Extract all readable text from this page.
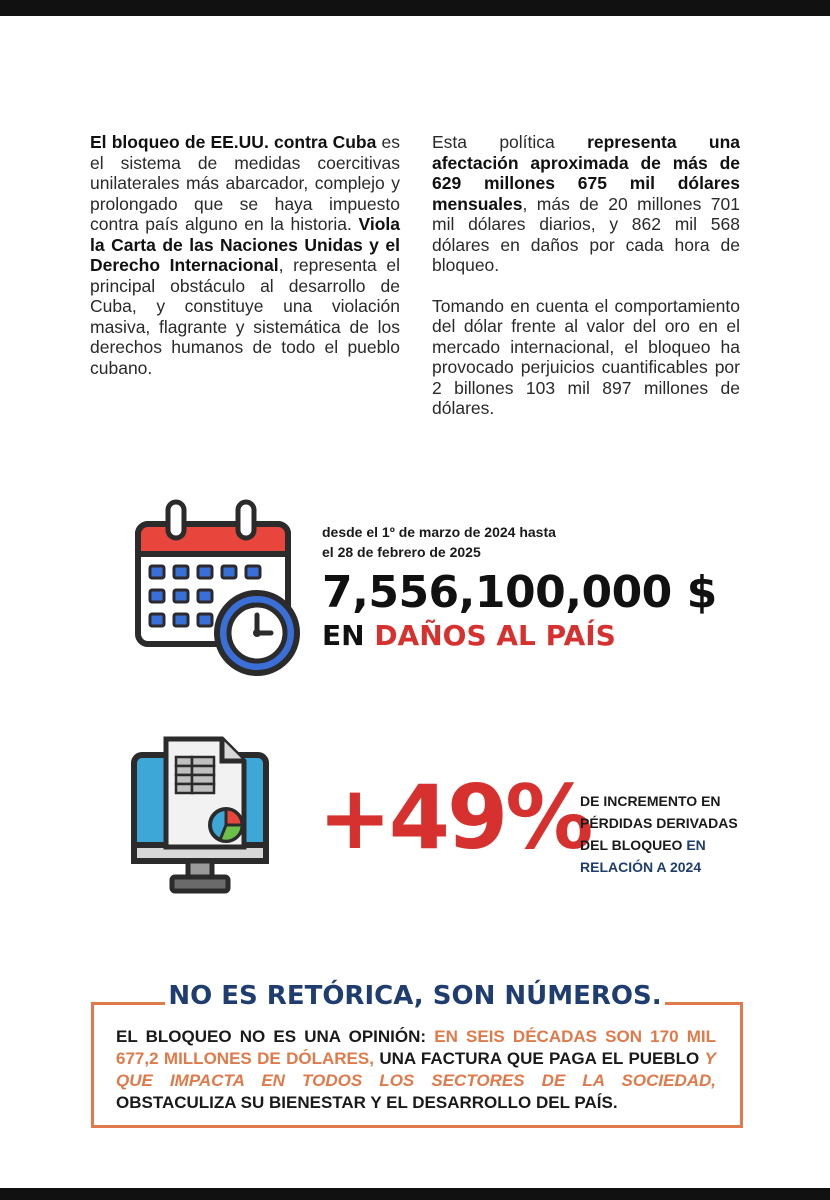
El bloqueo de EE.UU. contra Cuba es el sistema de medidas coercitivas unilaterales más abarcador, complejo y prolongado que se haya impuesto contra país alguno en la historia. Viola la Carta de las Naciones Unidas y el Derecho Internacional, representa el principal obstáculo al desarrollo de Cuba, y constituye una violación masiva, flagrante y sistemática de los derechos humanos de todo el pueblo cubano.

Esta política representa una afectación aproximada de más de 629 millones 675 mil dólares mensuales, más de 20 millones 701 mil dólares diarios, y 862 mil 568 dólares en daños por cada hora de bloqueo.

Tomando en cuenta el comportamiento del dólar frente al valor del oro en el mercado internacional, el bloqueo ha provocado perjuicios cuantificables por 2 billones 103 mil 897 millones de dólares.

desde el 1º de marzo de 2024 hasta
el 28 de febrero de 2025
7,556,100,000 $
EN DAÑOS AL PAÍS
+49%
DE INCREMENTO EN
PÉRDIDAS DERIVADAS
DEL BLOQUEO EN
RELACIÓN A 2024
NO ES RETÓRICA, SON NÚMEROS.
EL BLOQUEO NO ES UNA OPINIÓN: EN SEIS DÉCADAS SON 170 MIL 677,2 MILLONES DE DÓLARES, UNA FACTURA QUE PAGA EL PUEBLO Y QUE IMPACTA EN TODOS LOS SECTORES DE LA SOCIEDAD, OBSTACULIZA SU BIENESTAR Y EL DESARROLLO DEL PAÍS.
